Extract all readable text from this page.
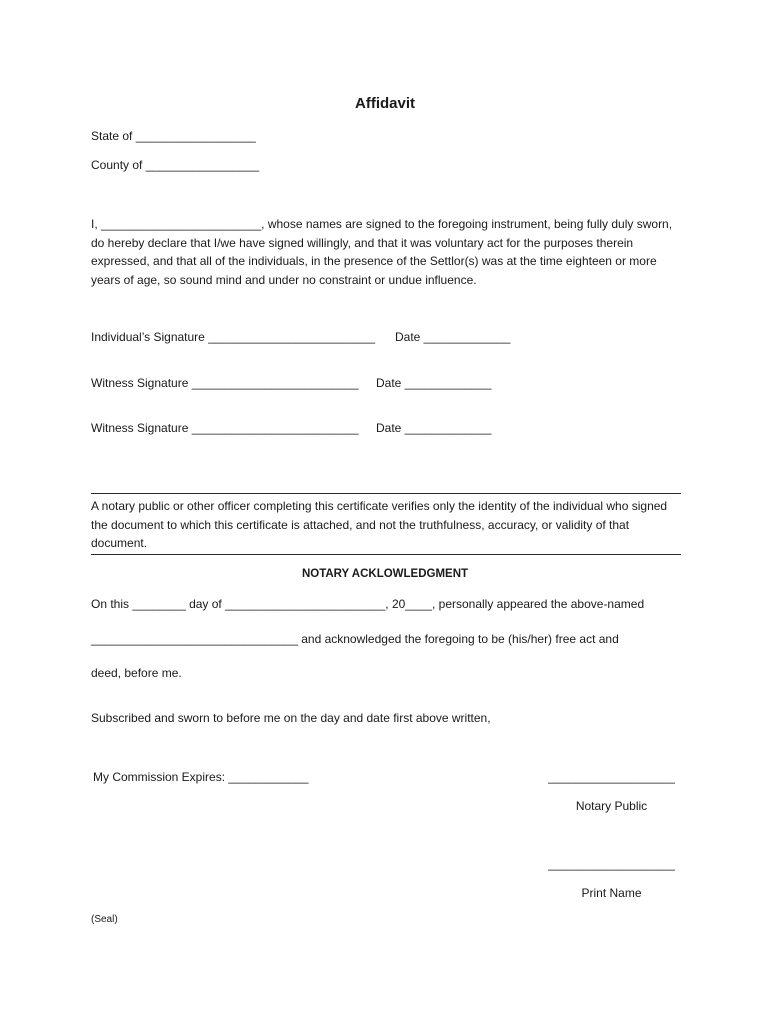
Affidavit
State of __________________
County of _________________
I, ________________________, whose names are signed to the foregoing instrument, being fully duly sworn, do hereby declare that I/we have signed willingly, and that it was voluntary act for the purposes therein expressed, and that all of the individuals, in the presence of the Settlor(s) was at the time eighteen or more years of age, so sound mind and under no constraint or undue influence.
Individual’s Signature _________________________ Date _____________
Witness Signature _________________________ Date _____________
Witness Signature _________________________ Date _____________
A notary public or other officer completing this certificate verifies only the identity of the individual who signed the document to which this certificate is attached, and not the truthfulness, accuracy, or validity of that document.
NOTARY ACKLOWLEDGMENT
On this ________ day of ________________________, 20____, personally appeared the above-named
_______________________________ and acknowledged the foregoing to be (his/her) free act and
deed, before me.
Subscribed and sworn to before me on the day and date first above written,
My Commission Expires: ____________	___________________
Notary Public
___________________
Print Name
(Seal)
